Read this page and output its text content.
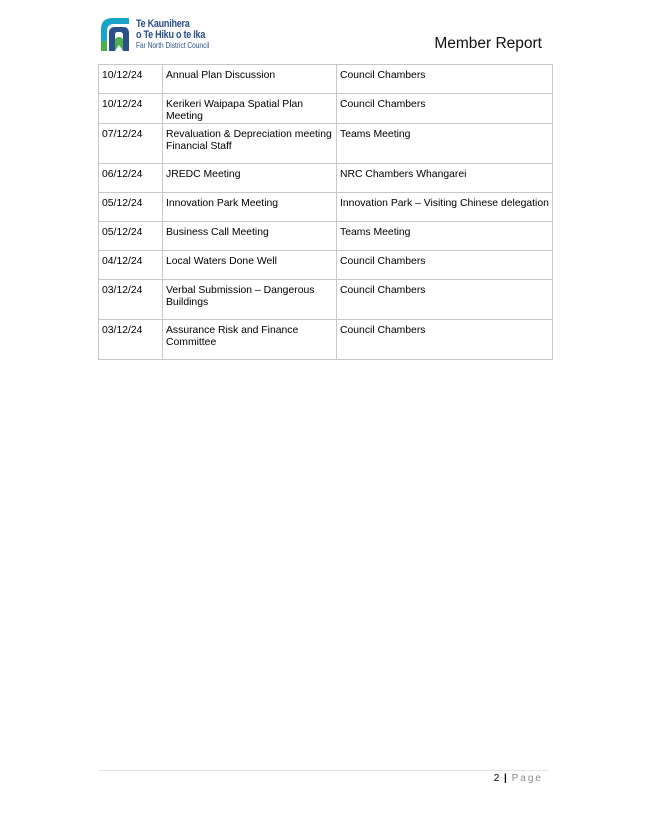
Te Kaunihera
o Te Hiku o te Ika
Far North District Council	Member Report
10/12/24	Annual Plan Discussion	Council Chambers
10/12/24	Kerikeri Waipapa Spatial Plan Meeting	Council Chambers
07/12/24	Revaluation & Depreciation meeting Financial Staff	Teams Meeting
06/12/24	JREDC Meeting	NRC Chambers Whangarei
05/12/24	Innovation Park Meeting	Innovation Park – Visiting Chinese delegation
05/12/24	Business Call Meeting	Teams Meeting
04/12/24	Local Waters Done Well	Council Chambers
03/12/24	Verbal Submission – Dangerous Buildings	Council Chambers
03/12/24	Assurance Risk and Finance Committee	Council Chambers
2 | Page
